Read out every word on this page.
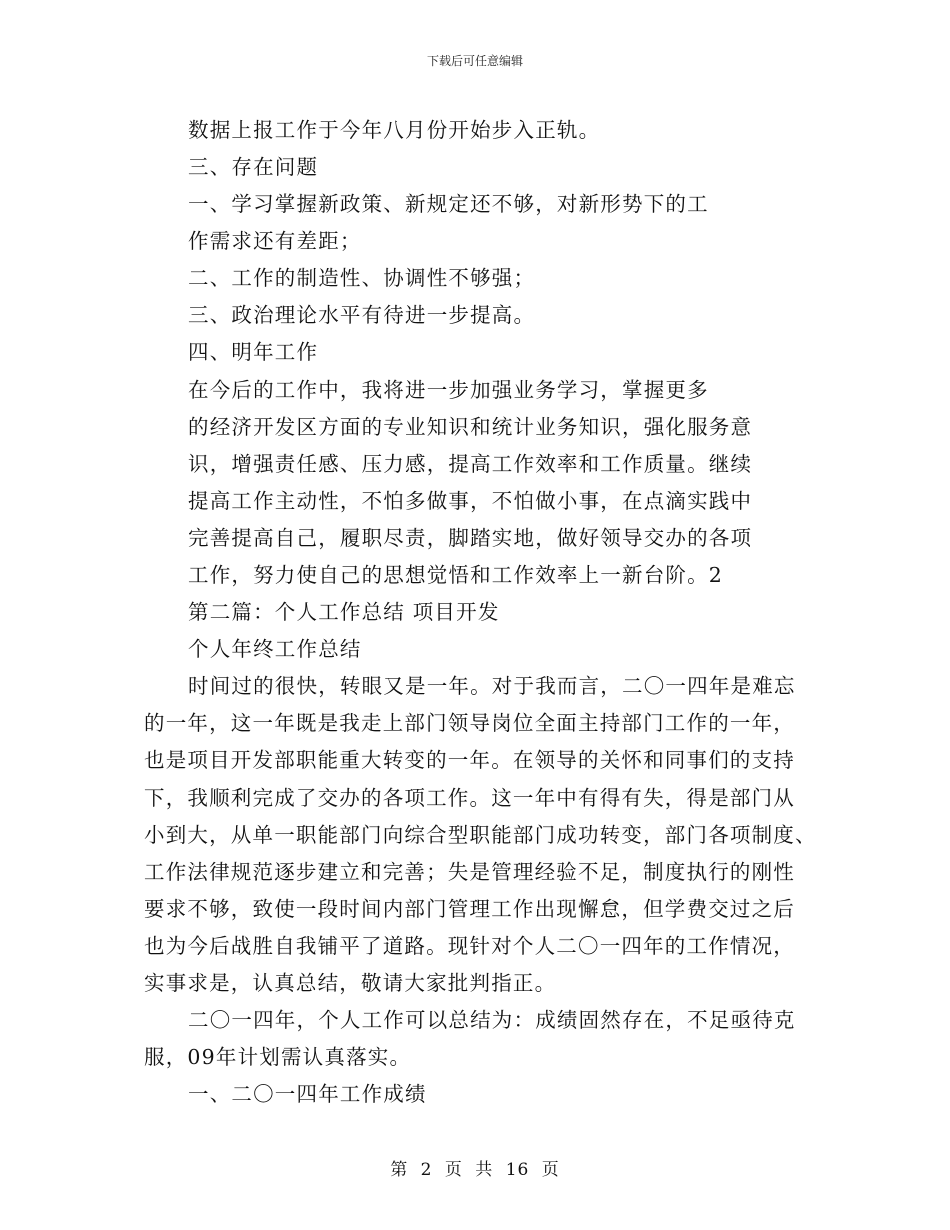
下载后可任意编辑
数据上报工作于今年八月份开始步入正轨。
三、存在问题
一、学习掌握新政策、新规定还不够，对新形势下的工
作需求还有差距；
二、工作的制造性、协调性不够强；
三、政治理论水平有待进一步提高。
四、明年工作
在今后的工作中，我将进一步加强业务学习，掌握更多
的经济开发区方面的专业知识和统计业务知识，强化服务意
识，增强责任感、压力感，提高工作效率和工作质量。继续
提高工作主动性，不怕多做事，不怕做小事，在点滴实践中
完善提高自己，履职尽责，脚踏实地，做好领导交办的各项
工作，努力使自己的思想觉悟和工作效率上一新台阶。2
第二篇：个人工作总结 项目开发
个人年终工作总结
时间过的很快，转眼又是一年。对于我而言，二〇一四年是难忘
的一年，这一年既是我走上部门领导岗位全面主持部门工作的一年，
也是项目开发部职能重大转变的一年。在领导的关怀和同事们的支持
下，我顺利完成了交办的各项工作。这一年中有得有失，得是部门从
小到大，从单一职能部门向综合型职能部门成功转变，部门各项制度、
工作法律规范逐步建立和完善；失是管理经验不足，制度执行的刚性
要求不够，致使一段时间内部门管理工作出现懈怠，但学费交过之后
也为今后战胜自我铺平了道路。现针对个人二〇一四年的工作情况，
实事求是，认真总结，敬请大家批判指正。
二〇一四年，个人工作可以总结为：成绩固然存在，不足亟待克
服，09年计划需认真落实。
一、二〇一四年工作成绩
第 2 页 共 16 页
